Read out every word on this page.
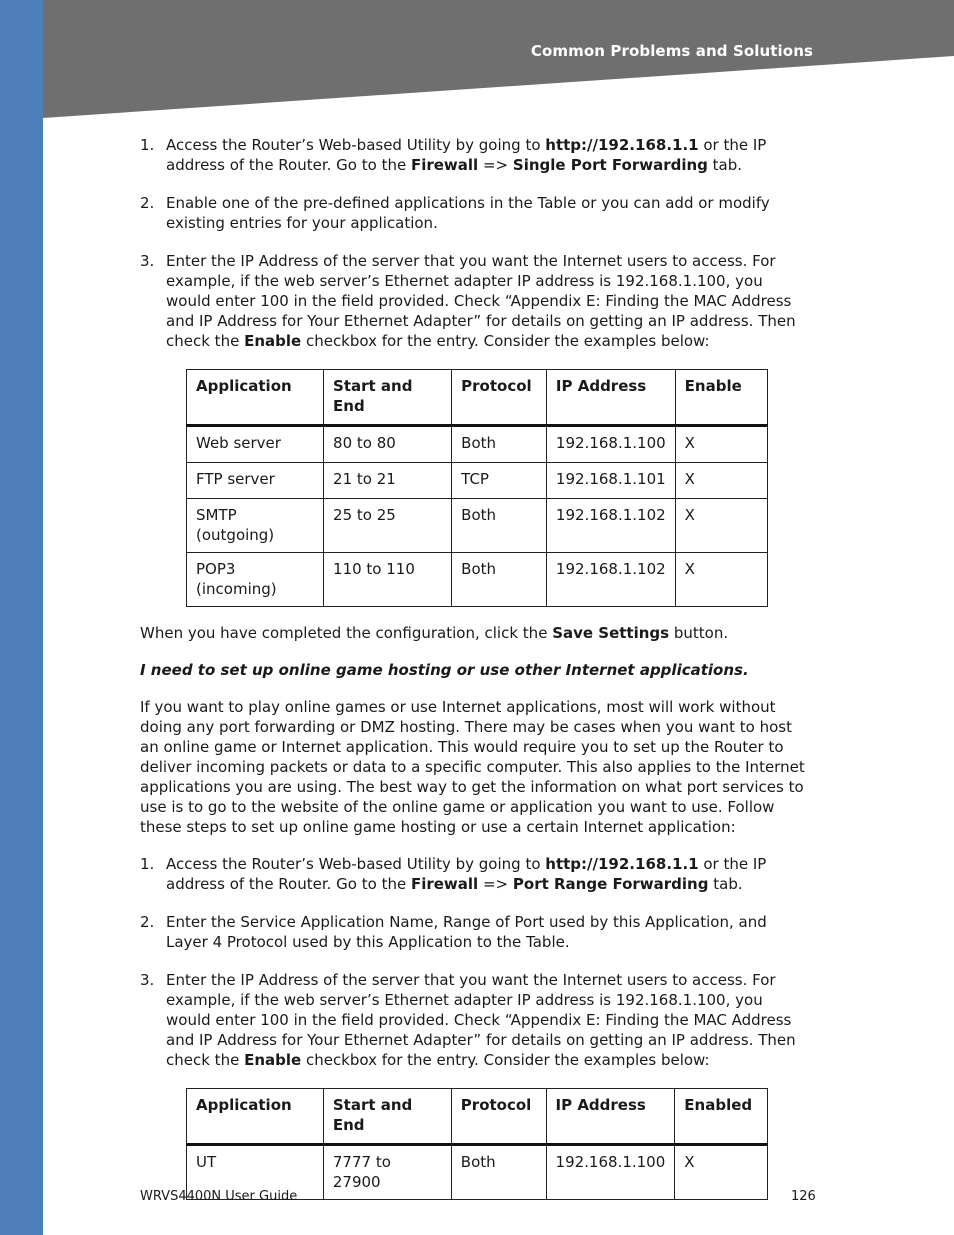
Common Problems and Solutions
1. Access the Router’s Web-based Utility by going to http://192.168.1.1 or the IP address of the Router. Go to the Firewall => Single Port Forwarding tab.
2. Enable one of the pre-defined applications in the Table or you can add or modify existing entries for your application.
3. Enter the IP Address of the server that you want the Internet users to access. For example, if the web server’s Ethernet adapter IP address is 192.168.1.100, you would enter 100 in the field provided. Check “Appendix E: Finding the MAC Address and IP Address for Your Ethernet Adapter” for details on getting an IP address. Then check the Enable checkbox for the entry. Consider the examples below:
Application	Start and End	Protocol	IP Address	Enable
Web server	80 to 80	Both	192.168.1.100	X
FTP server	21 to 21	TCP	192.168.1.101	X
SMTP (outgoing)	25 to 25	Both	192.168.1.102	X
POP3 (incoming)	110 to 110	Both	192.168.1.102	X

When you have completed the configuration, click the Save Settings button.

I need to set up online game hosting or use other Internet applications.

If you want to play online games or use Internet applications, most will work without doing any port forwarding or DMZ hosting. There may be cases when you want to host an online game or Internet application. This would require you to set up the Router to deliver incoming packets or data to a specific computer. This also applies to the Internet applications you are using. The best way to get the information on what port services to use is to go to the website of the online game or application you want to use. Follow these steps to set up online game hosting or use a certain Internet application:

1. Access the Router’s Web-based Utility by going to http://192.168.1.1 or the IP address of the Router. Go to the Firewall => Port Range Forwarding tab.
2. Enter the Service Application Name, Range of Port used by this Application, and Layer 4 Protocol used by this Application to the Table.
3. Enter the IP Address of the server that you want the Internet users to access. For example, if the web server’s Ethernet adapter IP address is 192.168.1.100, you would enter 100 in the field provided. Check “Appendix E: Finding the MAC Address and IP Address for Your Ethernet Adapter” for details on getting an IP address. Then check the Enable checkbox for the entry. Consider the examples below:
Application	Start and End	Protocol	IP Address	Enabled
UT	7777 to 27900	Both	192.168.1.100	X
WRVS4400N User Guide	126
